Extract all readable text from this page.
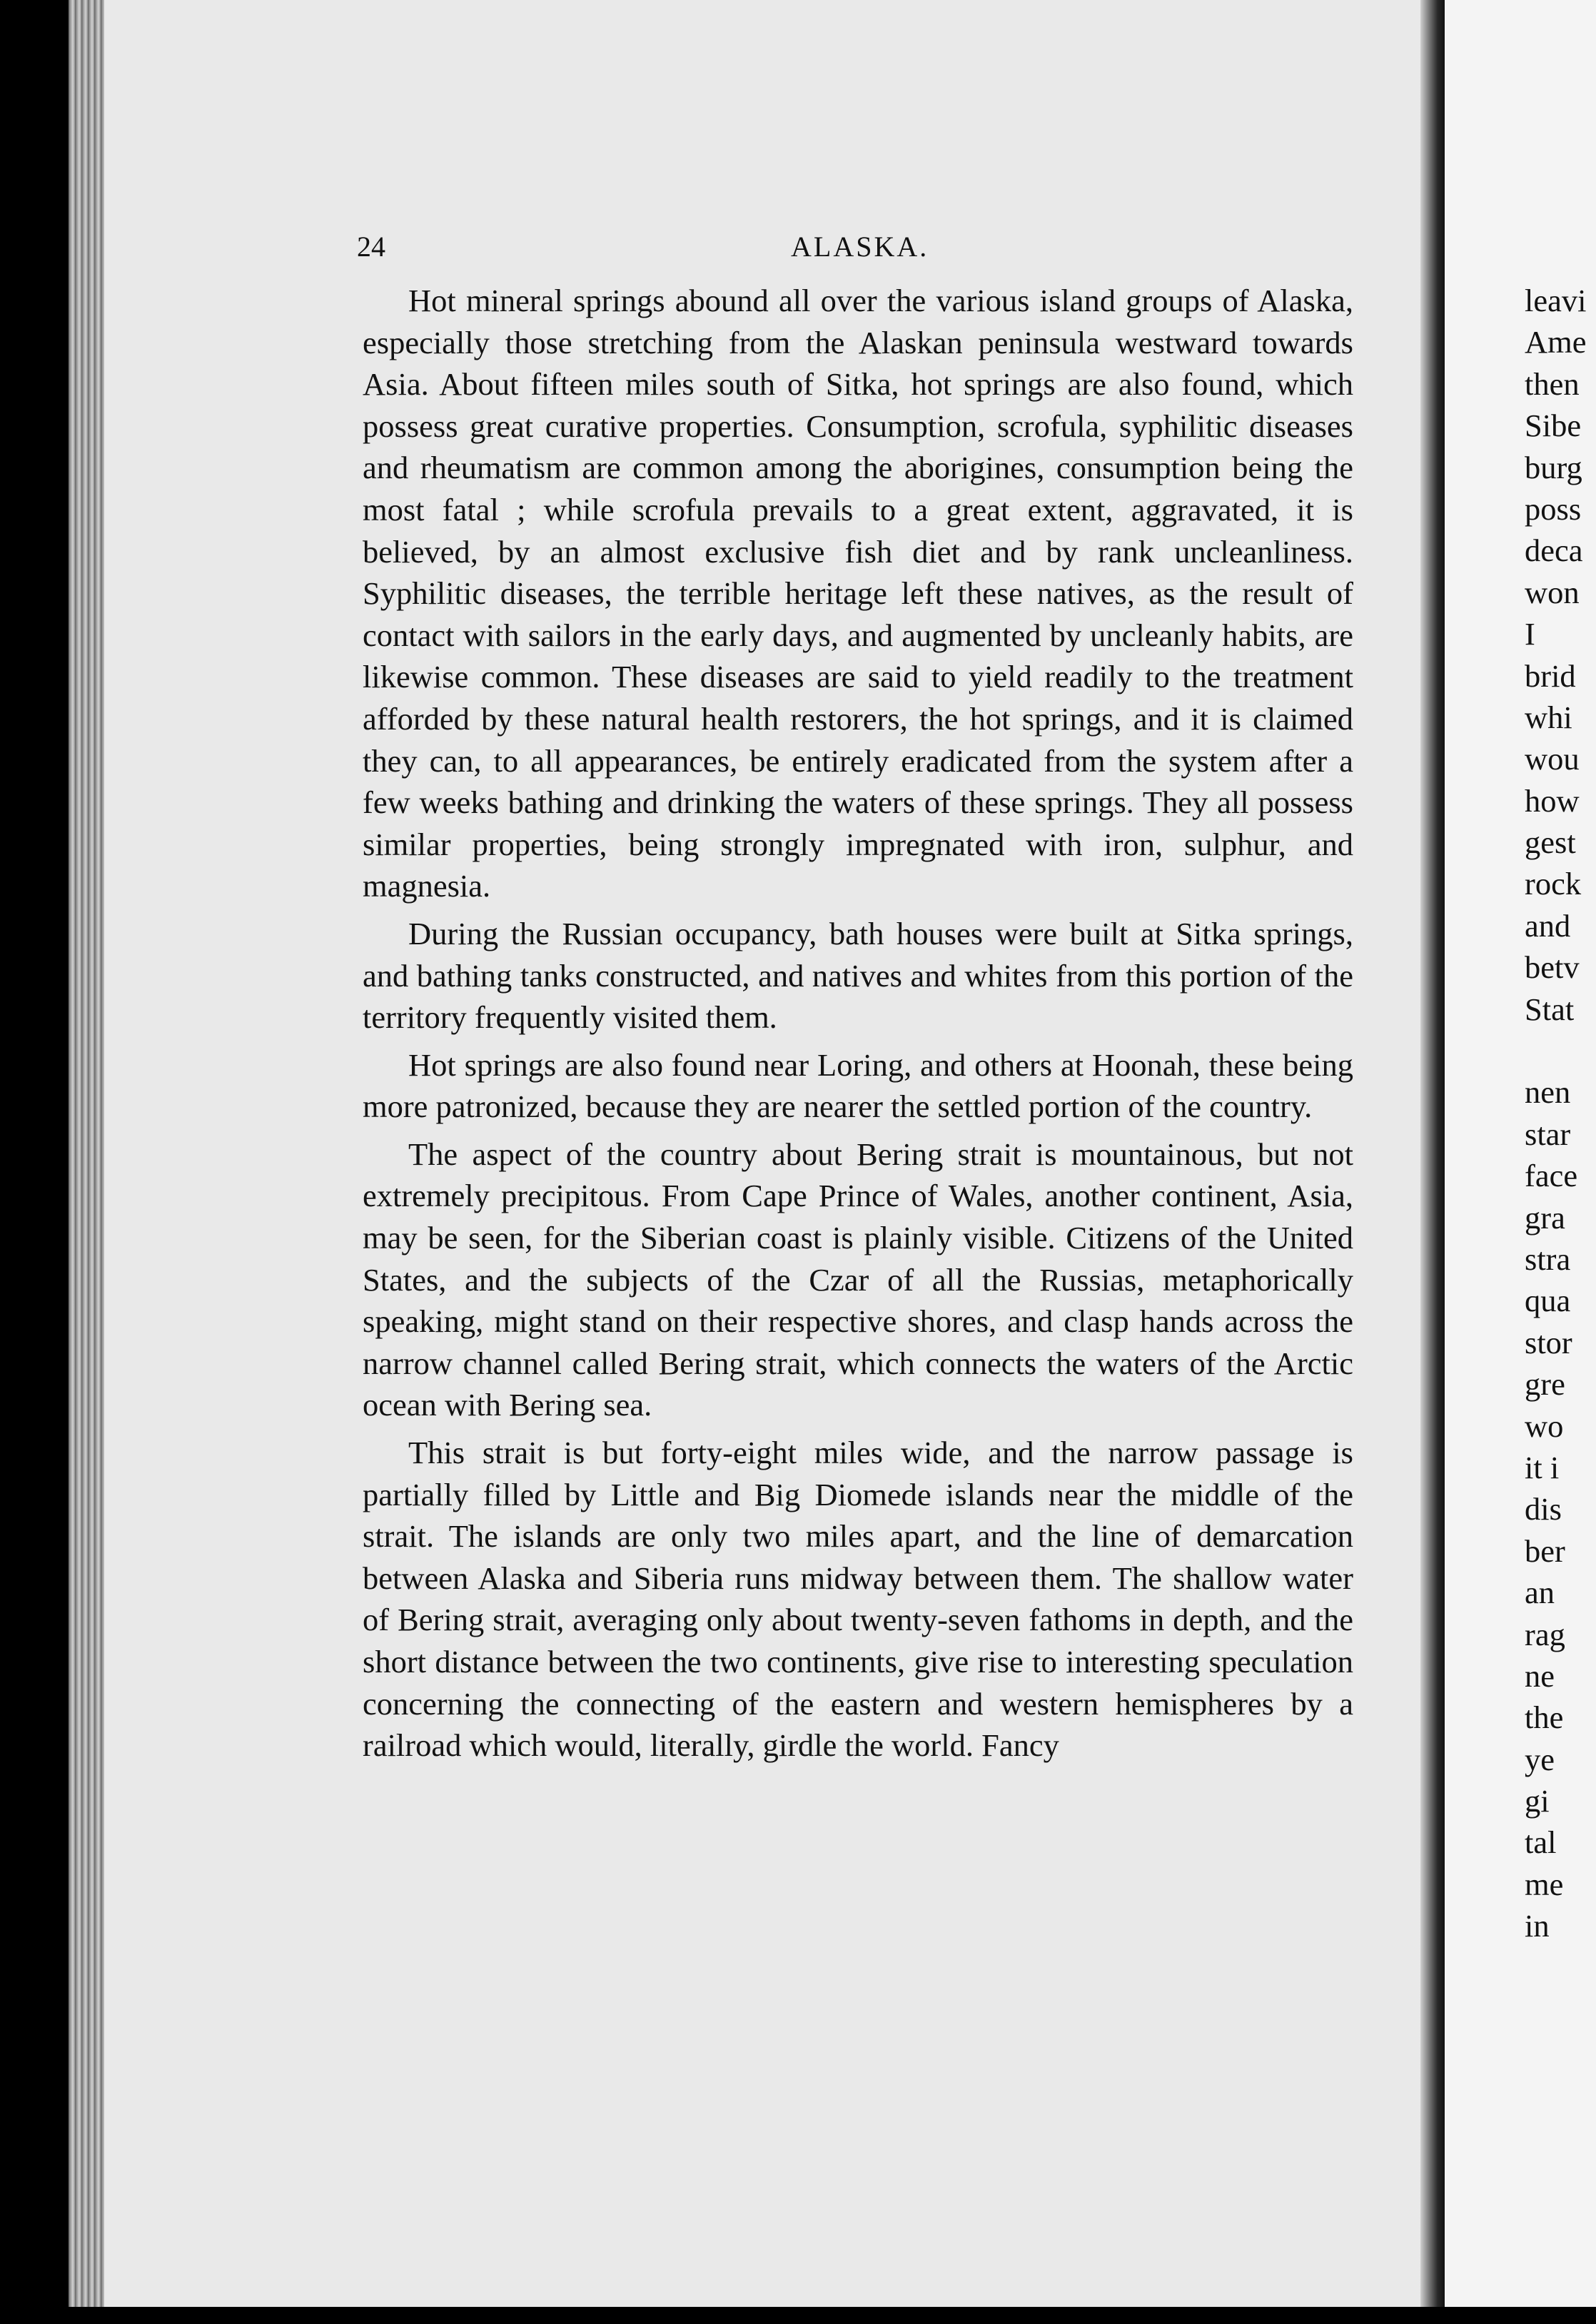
24	ALASKA.

Hot mineral springs abound all over the various island groups of Alaska, especially those stretching from the Alaskan peninsula westward towards Asia. About fifteen miles south of Sitka, hot springs are also found, which possess great curative properties. Consumption, scrofula, syphilitic diseases and rheumatism are common among the aborigines, consumption being the most fatal ; while scrofula prevails to a great extent, aggravated, it is believed, by an almost exclusive fish diet and by rank uncleanliness. Syphilitic diseases, the terrible heritage left these natives, as the result of contact with sailors in the early days, and augmented by uncleanly habits, are likewise common. These diseases are said to yield readily to the treatment afforded by these natural health restorers, the hot springs, and it is claimed they can, to all appearances, be entirely eradicated from the system after a few weeks bathing and drinking the waters of these springs. They all possess similar properties, being strongly impregnated with iron, sulphur, and magnesia.

During the Russian occupancy, bath houses were built at Sitka springs, and bathing tanks constructed, and natives and whites from this portion of the territory frequently visited them.

Hot springs are also found near Loring, and others at Hoonah, these being more patronized, because they are nearer the settled portion of the country.

The aspect of the country about Bering strait is mountainous, but not extremely precipitous. From Cape Prince of Wales, another continent, Asia, may be seen, for the Siberian coast is plainly visible. Citizens of the United States, and the subjects of the Czar of all the Russias, metaphorically speaking, might stand on their respective shores, and clasp hands across the narrow channel called Bering strait, which connects the waters of the Arctic ocean with Bering sea.

This strait is but forty-eight miles wide, and the narrow passage is partially filled by Little and Big Diomede islands near the middle of the strait. The islands are only two miles apart, and the line of demarcation between Alaska and Siberia runs midway between them. The shallow water of Bering strait, averaging only about twenty-seven fathoms in depth, and the short distance between the two continents, give rise to interesting speculation concerning the connecting of the eastern and western hemispheres by a railroad which would, literally, girdle the world. Fancy

leavi
Ame
then
Sibe
burg
poss
deca
won
I
brid
whi
wou
how
gest
rock
and
betv
Stat
nen
star
face
gra
stra
qua
stor
gre
wo
it i
dis
ber
an
rag
ne
the
ye
gi
tal
me
in
